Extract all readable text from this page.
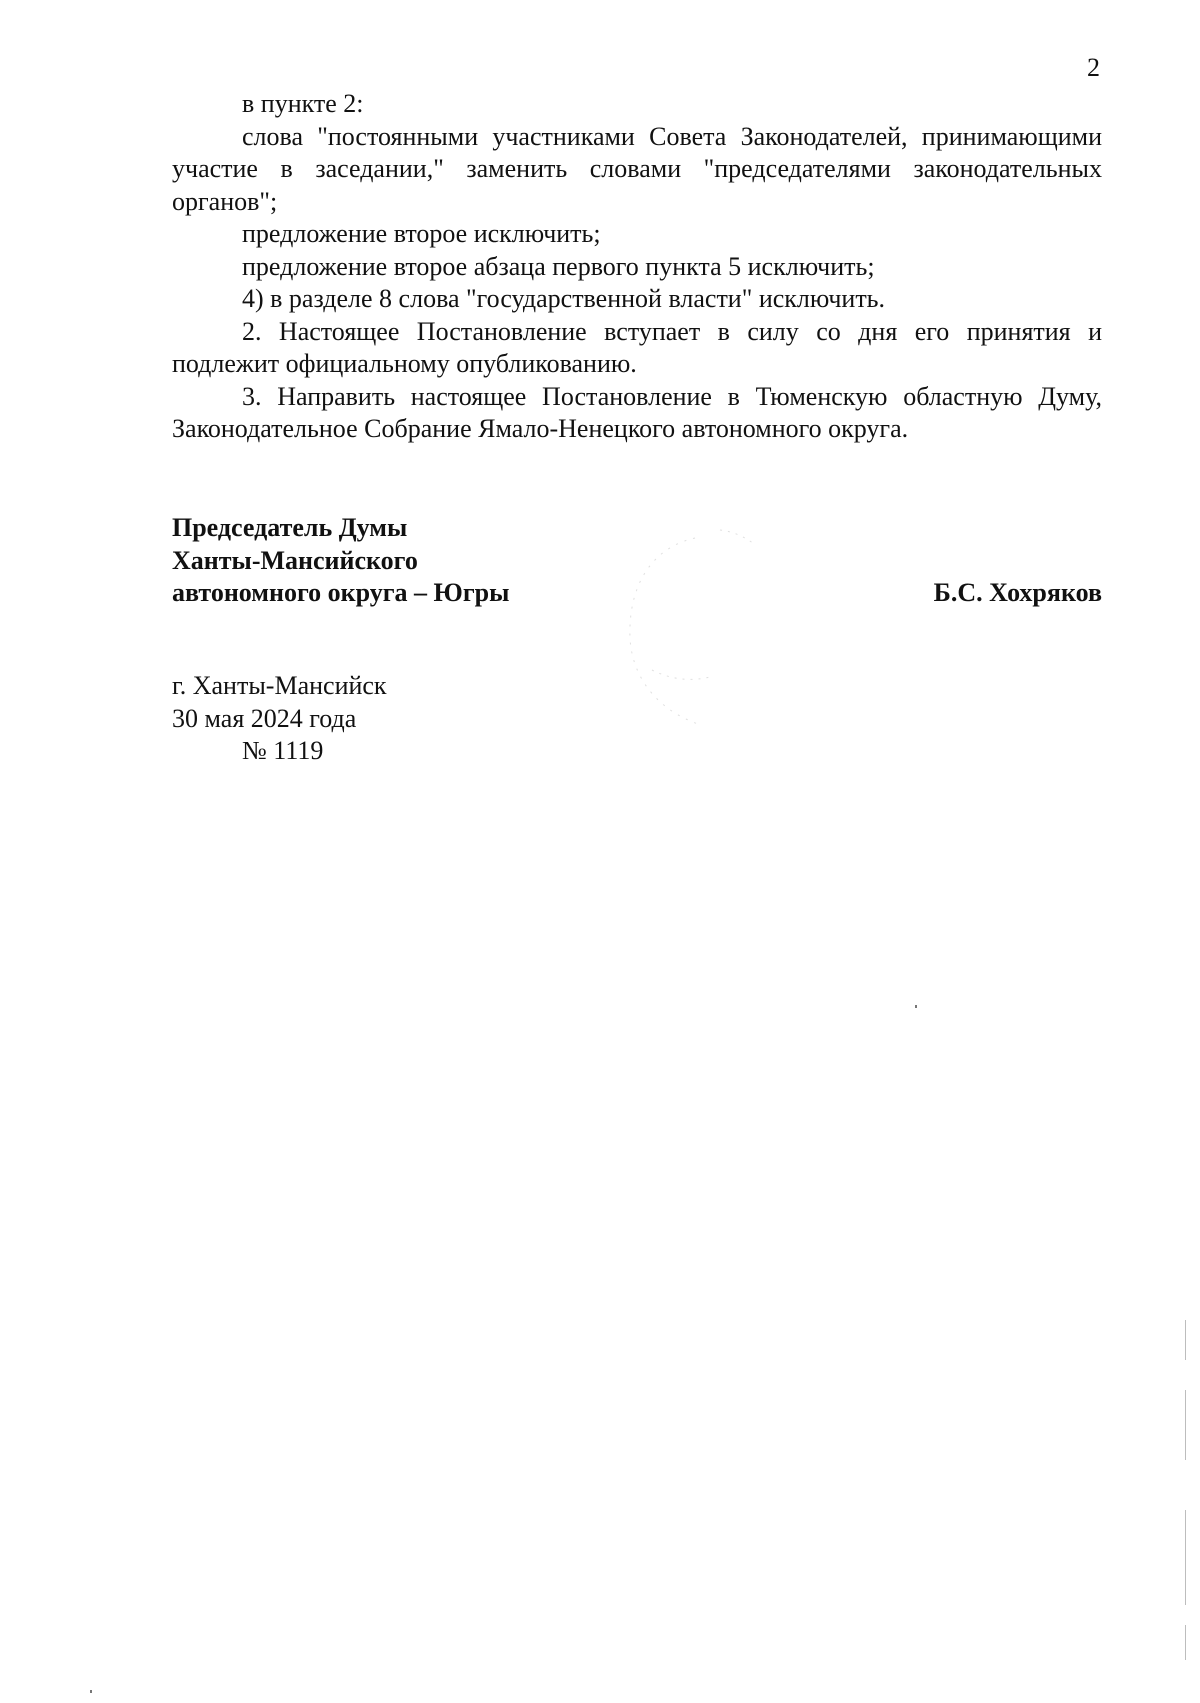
2

в пункте 2:

слова "постоянными участниками Совета Законодателей, принимающими участие в заседании," заменить словами "председателями законодательных органов";

предложение второе исключить;

предложение второе абзаца первого пункта 5 исключить;

4) в разделе 8 слова "государственной власти" исключить.

2. Настоящее Постановление вступает в силу со дня его принятия и подлежит официальному опубликованию.

3. Направить настоящее Постановление в Тюменскую областную Думу, Законодательное Собрание Ямало-Ненецкого автономного округа.

Председатель Думы
Ханты-Мансийского
автономного округа – Югры	Б.С. Хохряков
г. Ханты-Мансийск
30 мая 2024 года
№ 1119
